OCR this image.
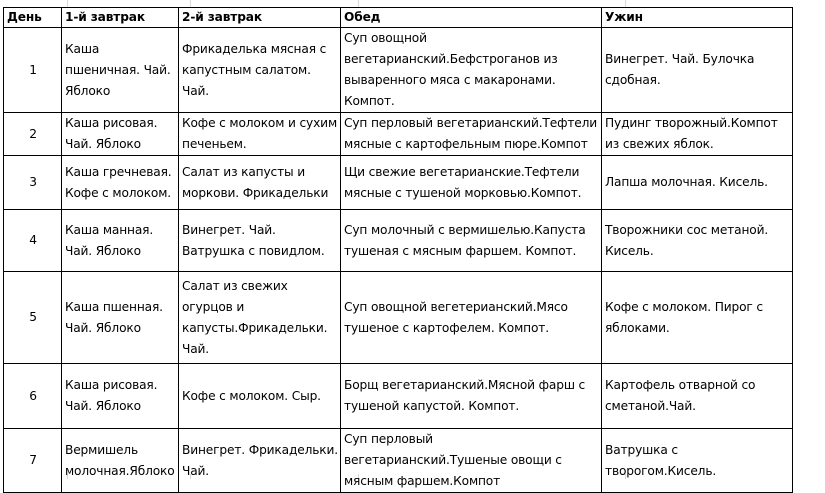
День	1-й завтрак	2-й завтрак	Обед	Ужин
1	Каша пшеничная. Чай. Яблоко	Фрикаделька мясная с капустным салатом. Чай.	Суп овощной вегетарианский.Бефстроганов из вываренного мяса с макаронами. Компот.	Винегрет. Чай. Булочка сдобная.
2	Каша рисовая. Чай. Яблоко	Кофе с молоком и сухим печеньем.	Суп перловый вегетарианский.Тефтели мясные с картофельным пюре.Компот	Пудинг творожный.Компот из свежих яблок.
3	Каша гречневая. Кофе с молоком.	Салат из капусты и моркови. Фрикадельки	Щи свежие вегетарианские.Тефтели мясные с тушеной морковью.Компот.	Лапша молочная. Кисель.
4	Каша манная. Чай. Яблоко	Винегрет. Чай. Ватрушка с повидлом.	Суп молочный с вермишелью.Капуста тушеная с мясным фаршем. Компот.	Творожники сос метаной. Кисель.
5	Каша пшенная. Чай. Яблоко	Салат из свежих огурцов и капусты.Фрикадельки. Чай.	Суп овощной вегетерианский.Мясо тушеное с картофелем. Компот.	Кофе с молоком. Пирог с яблоками.
6	Каша рисовая. Чай. Яблоко	Кофе с молоком. Сыр.	Борщ вегетарианский.Мясной фарш с тушеной капустой. Компот.	Картофель отварной со сметаной.Чай.
7	Вермишель молочная.Яблоко	Винегрет. Фрикадельки. Чай.	Суп перловый вегетарианский.Тушеные овощи с мясным фаршем.Компот	Ватрушка с творогом.Кисель.
